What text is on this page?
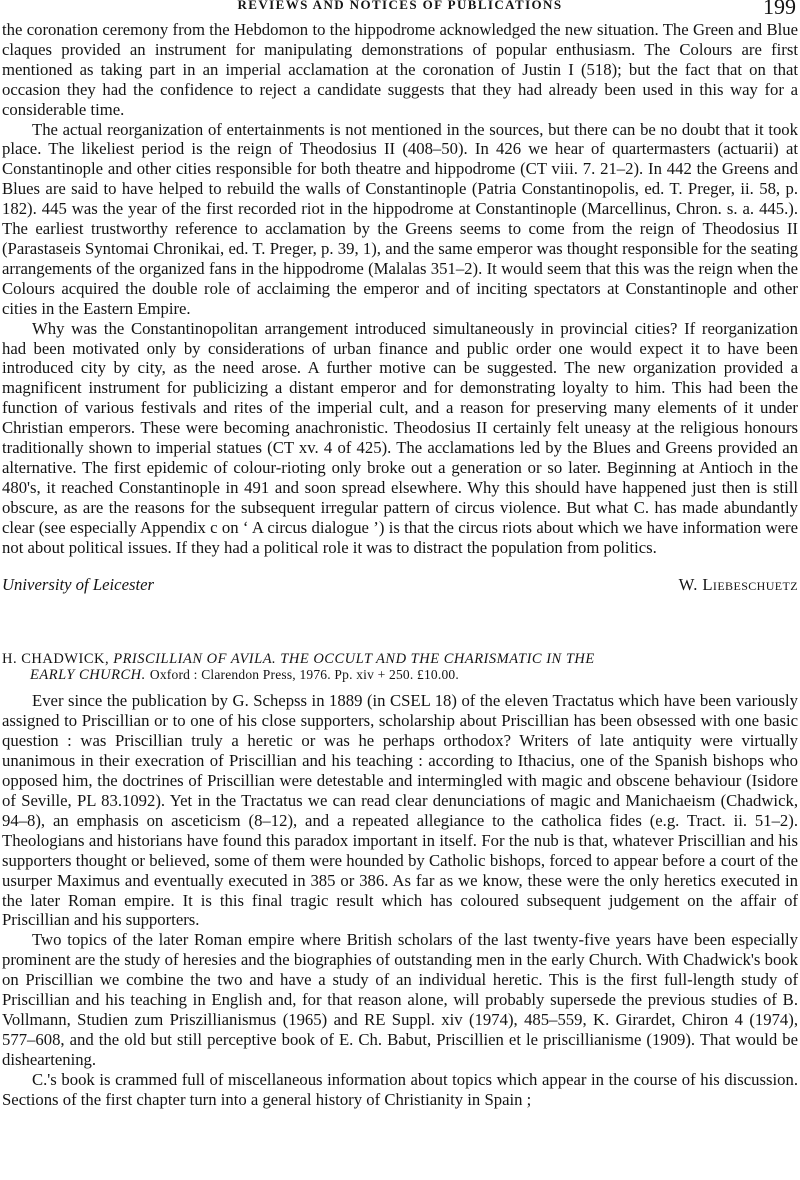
REVIEWS AND NOTICES OF PUBLICATIONS	199

the coronation ceremony from the Hebdomon to the hippodrome acknowledged the new situation. The Green and Blue claques provided an instrument for manipulating demonstrations of popular enthusiasm. The Colours are first mentioned as taking part in an imperial acclamation at the coronation of Justin I (518); but the fact that on that occasion they had the confidence to reject a candidate suggests that they had already been used in this way for a considerable time.

The actual reorganization of entertainments is not mentioned in the sources, but there can be no doubt that it took place. The likeliest period is the reign of Theodosius II (408–50). In 426 we hear of quartermasters (actuarii) at Constantinople and other cities responsible for both theatre and hippodrome (CT viii. 7. 21–2). In 442 the Greens and Blues are said to have helped to rebuild the walls of Constantinople (Patria Constantinopolis, ed. T. Preger, ii. 58, p. 182). 445 was the year of the first recorded riot in the hippodrome at Constantinople (Marcellinus, Chron. s. a. 445.). The earliest trustworthy reference to acclamation by the Greens seems to come from the reign of Theodosius II (Parastaseis Syntomai Chronikai, ed. T. Preger, p. 39, 1), and the same emperor was thought responsible for the seating arrangements of the organized fans in the hippodrome (Malalas 351–2). It would seem that this was the reign when the Colours acquired the double role of acclaiming the emperor and of inciting spectators at Constantinople and other cities in the Eastern Empire.

Why was the Constantinopolitan arrangement introduced simultaneously in provincial cities? If reorganization had been motivated only by considerations of urban finance and public order one would expect it to have been introduced city by city, as the need arose. A further motive can be suggested. The new organization provided a magnificent instrument for publicizing a distant emperor and for demonstrating loyalty to him. This had been the function of various festivals and rites of the imperial cult, and a reason for preserving many elements of it under Christian emperors. These were becoming anachronistic. Theodosius II certainly felt uneasy at the religious honours traditionally shown to imperial statues (CT xv. 4 of 425). The acclamations led by the Blues and Greens provided an alternative. The first epidemic of colour-rioting only broke out a generation or so later. Beginning at Antioch in the 480's, it reached Constantinople in 491 and soon spread elsewhere. Why this should have happened just then is still obscure, as are the reasons for the subsequent irregular pattern of circus violence. But what C. has made abundantly clear (see especially Appendix c on ‘ A circus dialogue ’) is that the circus riots about which we have information were not about political issues. If they had a political role it was to distract the population from politics.

University of Leicester	W. Liebeschuetz
H. CHADWICK, PRISCILLIAN OF AVILA. THE OCCULT AND THE CHARISMATIC IN THE
EARLY CHURCH. Oxford : Clarendon Press, 1976. Pp. xiv + 250. £10.00.

Ever since the publication by G. Schepss in 1889 (in CSEL 18) of the eleven Tractatus which have been variously assigned to Priscillian or to one of his close supporters, scholarship about Priscillian has been obsessed with one basic question : was Priscillian truly a heretic or was he perhaps orthodox? Writers of late antiquity were virtually unanimous in their execration of Priscillian and his teaching : according to Ithacius, one of the Spanish bishops who opposed him, the doctrines of Priscillian were detestable and intermingled with magic and obscene behaviour (Isidore of Seville, PL 83.1092). Yet in the Tractatus we can read clear denunciations of magic and Manichaeism (Chadwick, 94–8), an emphasis on asceticism (8–12), and a repeated allegiance to the catholica fides (e.g. Tract. ii. 51–2). Theologians and historians have found this paradox important in itself. For the nub is that, whatever Priscillian and his supporters thought or believed, some of them were hounded by Catholic bishops, forced to appear before a court of the usurper Maximus and eventually executed in 385 or 386. As far as we know, these were the only heretics executed in the later Roman empire. It is this final tragic result which has coloured subsequent judgement on the affair of Priscillian and his supporters.

Two topics of the later Roman empire where British scholars of the last twenty-five years have been especially prominent are the study of heresies and the biographies of outstanding men in the early Church. With Chadwick's book on Priscillian we combine the two and have a study of an individual heretic. This is the first full-length study of Priscillian and his teaching in English and, for that reason alone, will probably supersede the previous studies of B. Vollmann, Studien zum Priszillianismus (1965) and RE Suppl. xiv (1974), 485–559, K. Girardet, Chiron 4 (1974), 577–608, and the old but still perceptive book of E. Ch. Babut, Priscillien et le priscillianisme (1909). That would be disheartening.

C.'s book is crammed full of miscellaneous information about topics which appear in the course of his discussion. Sections of the first chapter turn into a general history of Christianity in Spain ;
